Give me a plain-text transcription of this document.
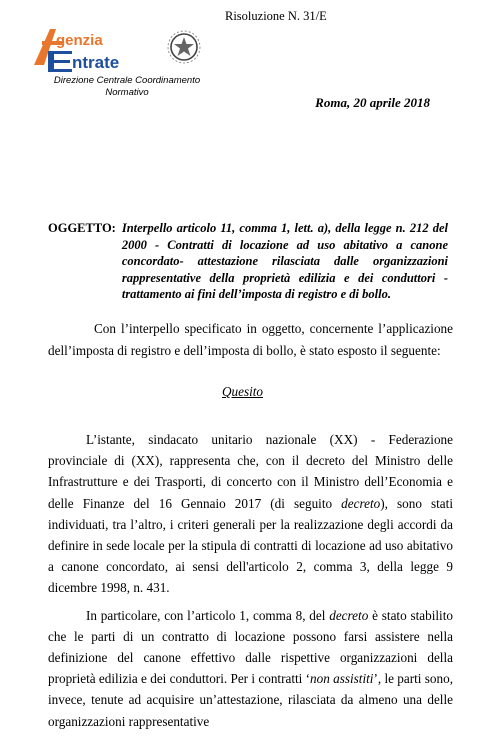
Risoluzione N. 31/E
genzia
ntrate
Direzione Centrale Coordinamento
Normativo
Roma, 20 aprile 2018
OGGETTO: Interpello articolo 11, comma 1, lett. a), della legge n. 212 del 2000 - Contratti di locazione ad uso abitativo a canone concordato- attestazione rilasciata dalle organizzazioni rappresentative della proprietà edilizia e dei conduttori - trattamento ai fini dell’imposta di registro e di bollo.

Con l’interpello specificato in oggetto, concernente l’applicazione dell’imposta di registro e dell’imposta di bollo, è stato esposto il seguente:

Quesito

L’istante, sindacato unitario nazionale (XX) - Federazione provinciale di (XX), rappresenta che, con il decreto del Ministro delle Infrastrutture e dei Trasporti, di concerto con il Ministro dell’Economia e delle Finanze del 16 Gennaio 2017 (di seguito decreto), sono stati individuati, tra l’altro, i criteri generali per la realizzazione degli accordi da definire in sede locale per la stipula di contratti di locazione ad uso abitativo a canone concordato, ai sensi dell'articolo 2, comma 3, della legge 9 dicembre 1998, n. 431.

In particolare, con l’articolo 1, comma 8, del decreto è stato stabilito che le parti di un contratto di locazione possono farsi assistere nella definizione del canone effettivo dalle rispettive organizzazioni della proprietà edilizia e dei conduttori. Per i contratti ‘non assistiti’, le parti sono, invece, tenute ad acquisire un’attestazione, rilasciata da almeno una delle organizzazioni rappresentative
